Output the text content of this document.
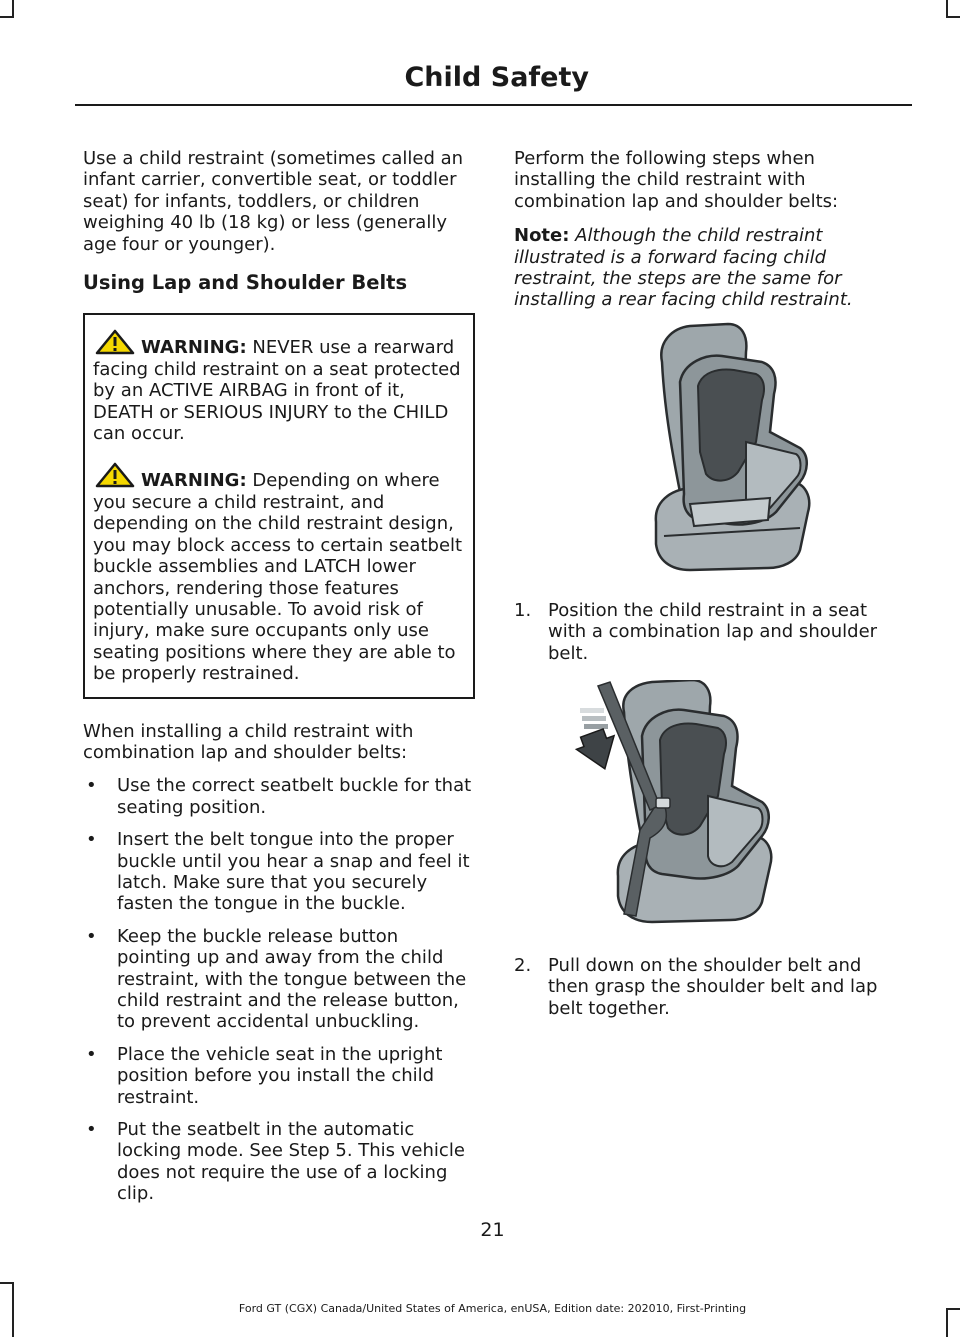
Child Safety

Use a child restraint (sometimes called an infant carrier, convertible seat, or toddler seat) for infants, toddlers, or children weighing 40 lb (18 kg) or less (generally age four or younger).

Using Lap and Shoulder Belts

WARNING: NEVER use a rearward facing child restraint on a seat protected by an ACTIVE AIRBAG in front of it, DEATH or SERIOUS INJURY to the CHILD can occur.

WARNING: Depending on where you secure a child restraint, and depending on the child restraint design, you may block access to certain seatbelt buckle assemblies and LATCH lower anchors, rendering those features potentially unusable. To avoid risk of injury, make sure occupants only use seating positions where they are able to be properly restrained.

When installing a child restraint with combination lap and shoulder belts:

• Use the correct seatbelt buckle for that seating position.
• Insert the belt tongue into the proper buckle until you hear a snap and feel it latch. Make sure that you securely fasten the tongue in the buckle.
• Keep the buckle release button pointing up and away from the child restraint, with the tongue between the child restraint and the release button, to prevent accidental unbuckling.
• Place the vehicle seat in the upright position before you install the child restraint.
• Put the seatbelt in the automatic locking mode. See Step 5. This vehicle does not require the use of a locking clip.

Perform the following steps when installing the child restraint with combination lap and shoulder belts:

Note: Although the child restraint illustrated is a forward facing child restraint, the steps are the same for installing a rear facing child restraint.

1. Position the child restraint in a seat with a combination lap and shoulder belt.
2. Pull down on the shoulder belt and then grasp the shoulder belt and lap belt together.
21
Ford GT (CGX) Canada/United States of America, enUSA, Edition date: 202010, First-Printing
